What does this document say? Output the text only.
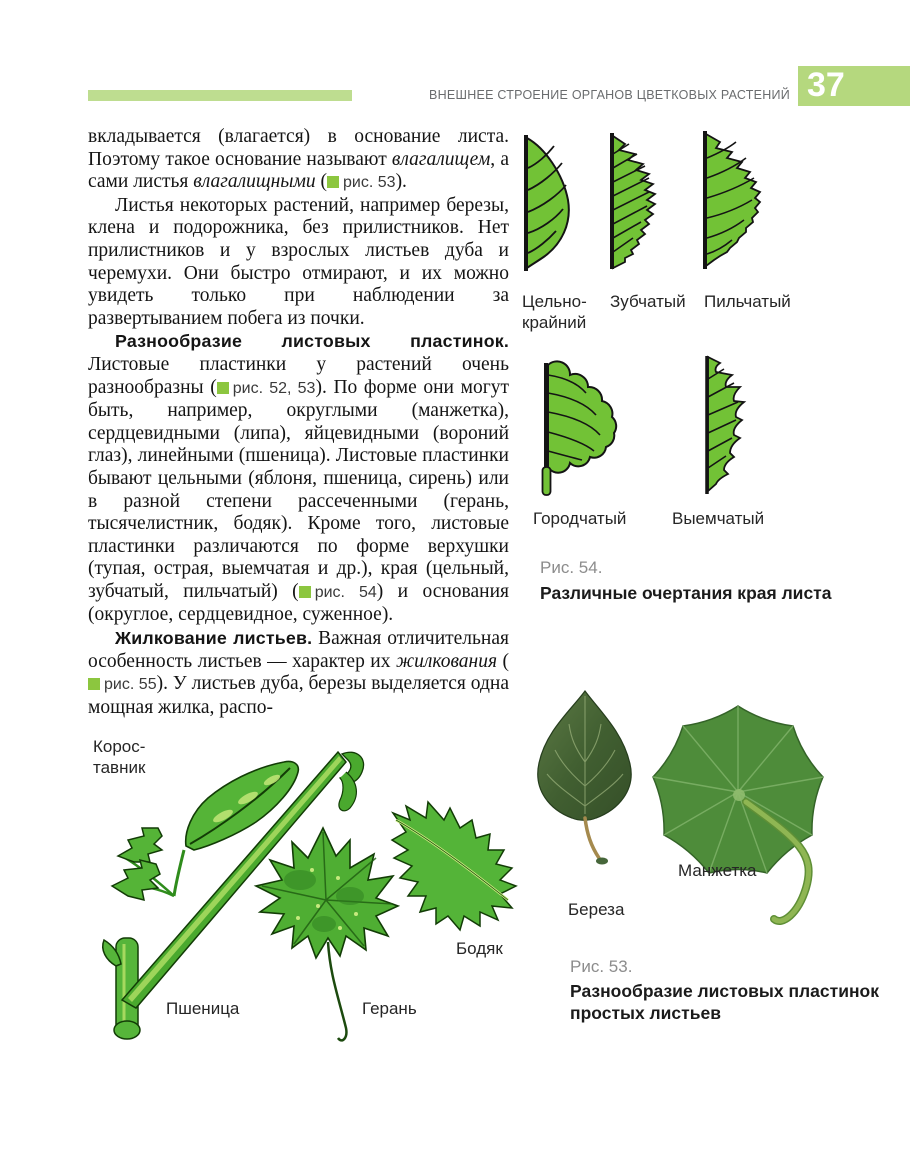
ВНЕШНЕЕ СТРОЕНИЕ ОРГАНОВ ЦВЕТКОВЫХ РАСТЕНИЙ 37

вкладывается (влагается) в основание листа. Поэтому такое основание называют влагалищем, а сами листья влагалищными ( рис. 53).

Листья некоторых растений, например березы, клена и подорожника, без прилистников. Нет прилистников и у взрослых листьев дуба и черемухи. Они быстро отмирают, и их можно увидеть только при наблюдении за развертыванием побега из почки.

Разнообразие листовых пластинок. Листовые пластинки у растений очень разнообразны ( рис. 52, 53). По форме они могут быть, например, округлыми (манжетка), сердцевидными (липа), яйцевидными (вороний глаз), линейными (пшеница). Листовые пластинки бывают цельными (яблоня, пшеница, сирень) или в разной степени рассеченными (герань, тысячелистник, бодяк). Кроме того, листовые пластинки различаются по форме верхушки (тупая, острая, выемчатая и др.), края (цельный, зубчатый, пильчатый) ( рис. 54) и основания (округлое, сердцевидное, суженное).

Жилкование листьев. Важная отличительная особенность листьев — характер их жилкования (рис. 55). У листьев дуба, березы выделяется одна мощная жилка, распо-

Цельно-крайний
Зубчатый Пильчатый
Городчатый	Выемчатый
Рис. 54.
Различные очертания края листа
Береза
Манжетка
Рис. 53.
Разнообразие листовых пластинок простых листьев
Корос-тавник
Пшеница	Герань
Бодяк
